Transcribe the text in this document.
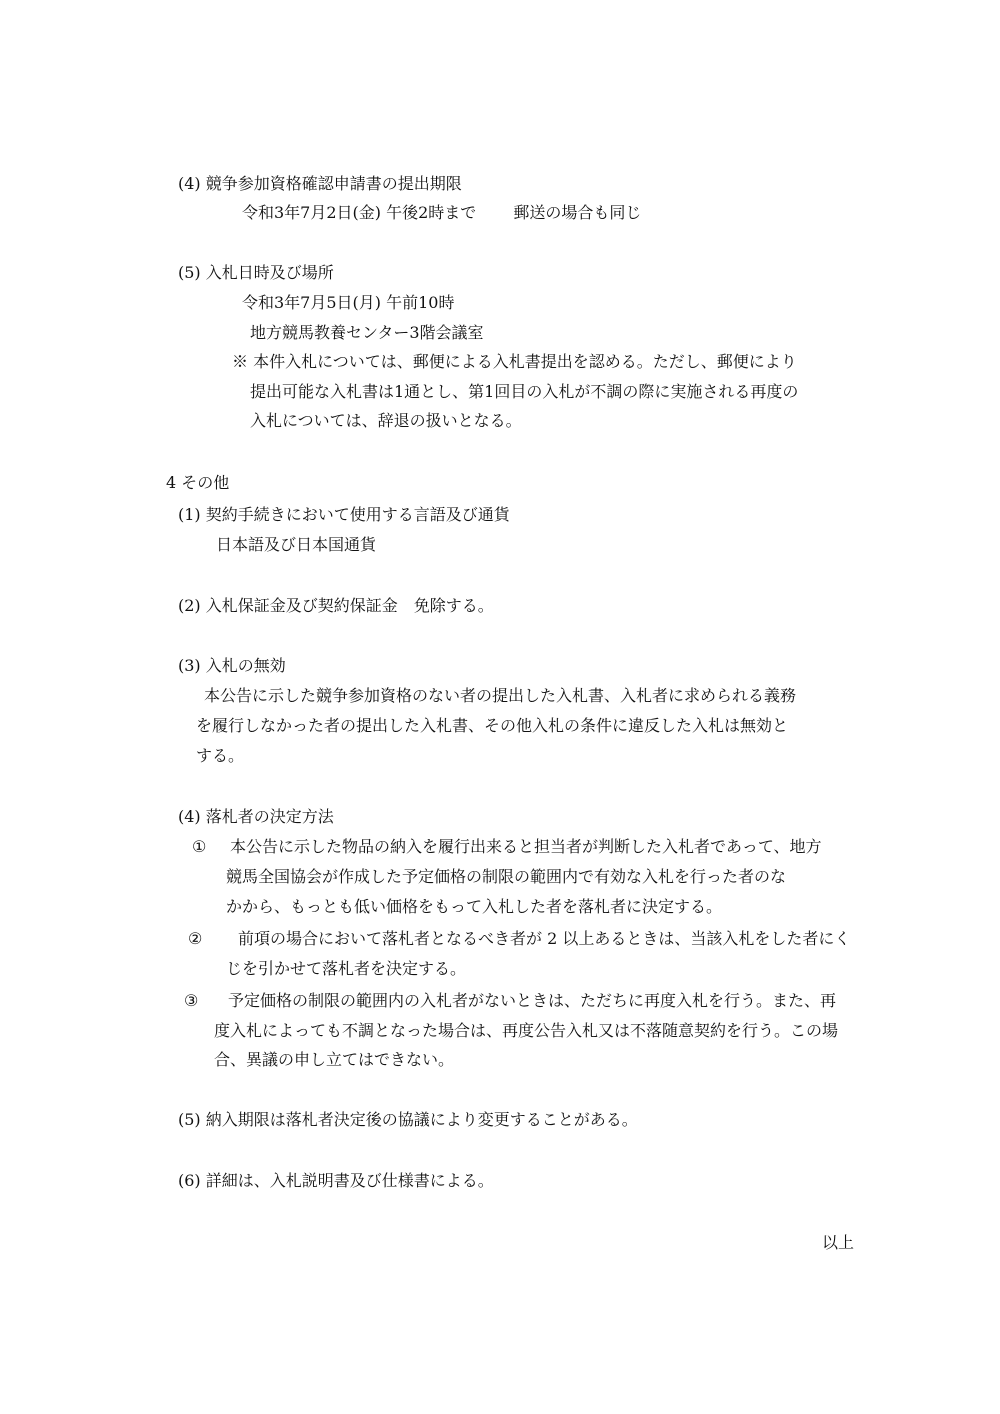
(4) 競争参加資格確認申請書の提出期限
令和3年7月2日(金) 午後2時まで　　 郵送の場合も同じ
(5) 入札日時及び場所
令和3年7月5日(月) 午前10時
地方競馬教養センター3階会議室
※ 本件入札については、郵便による入札書提出を認める。ただし、郵便により
提出可能な入札書は1通とし、第1回目の入札が不調の際に実施される再度の
入札については、辞退の扱いとなる。
4 その他
(1) 契約手続きにおいて使用する言語及び通貨
日本語及び日本国通貨
(2) 入札保証金及び契約保証金　免除する。
(3) 入札の無効
本公告に示した競争参加資格のない者の提出した入札書、入札者に求められる義務
を履行しなかった者の提出した入札書、その他入札の条件に違反した入札は無効と
する。
(4) 落札者の決定方法
① 本公告に示した物品の納入を履行出来ると担当者が判断した入札者であって、地方
競馬全国協会が作成した予定価格の制限の範囲内で有効な入札を行った者のな
かから、もっとも低い価格をもって入札した者を落札者に決定する。
② 前項の場合において落札者となるべき者が 2 以上あるときは、当該入札をした者にく
じを引かせて落札者を決定する。
③ 予定価格の制限の範囲内の入札者がないときは、ただちに再度入札を行う。また、再
度入札によっても不調となった場合は、再度公告入札又は不落随意契約を行う。この場
合、異議の申し立てはできない。
(5) 納入期限は落札者決定後の協議により変更することがある。
(6) 詳細は、入札説明書及び仕様書による。
以上
